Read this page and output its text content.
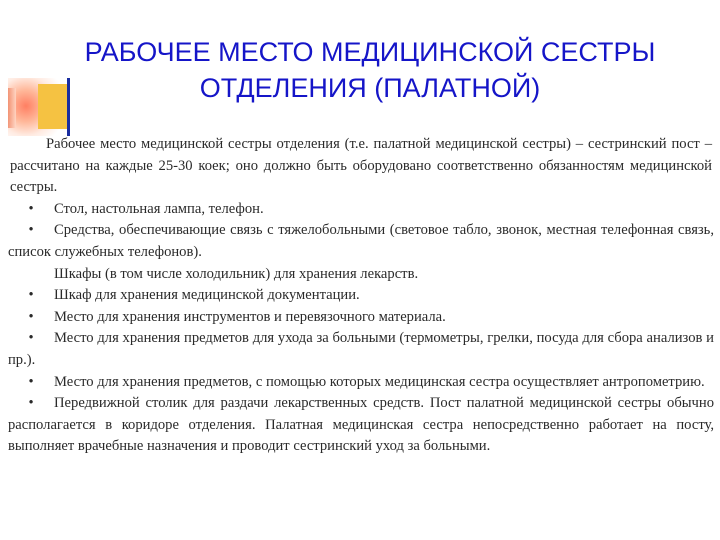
РАБОЧЕЕ МЕСТО МЕДИЦИНСКОЙ СЕСТРЫ ОТДЕЛЕНИЯ (ПАЛАТНОЙ)
Рабочее место медицинской сестры отделения (т.е. палатной медицинской сестры) – сестринский пост – рассчитано на каждые 25-30 коек; оно должно быть оборудовано соответственно обязанностям медицинской сестры.
• Стол, настольная лампа, телефон.
• Средства, обеспечивающие связь с тяжелобольными (световое табло, звонок, местная телефонная связь, список служебных телефонов).
Шкафы (в том числе холодильник) для хранения лекарств.
• Шкаф для хранения медицинской документации.
• Место для хранения инструментов и перевязочного материала.
• Место для хранения предметов для ухода за больными (термометры, грелки, посуда для сбора анализов и пр.).
• Место для хранения предметов, с помощью которых медицинская сестра осуществляет антропометрию.
• Передвижной столик для раздачи лекарственных средств. Пост палатной медицинской сестры обычно располагается в коридоре отделения. Палатная медицинская сестра непосредственно работает на посту, выполняет врачебные назначения и проводит сестринский уход за больными.
